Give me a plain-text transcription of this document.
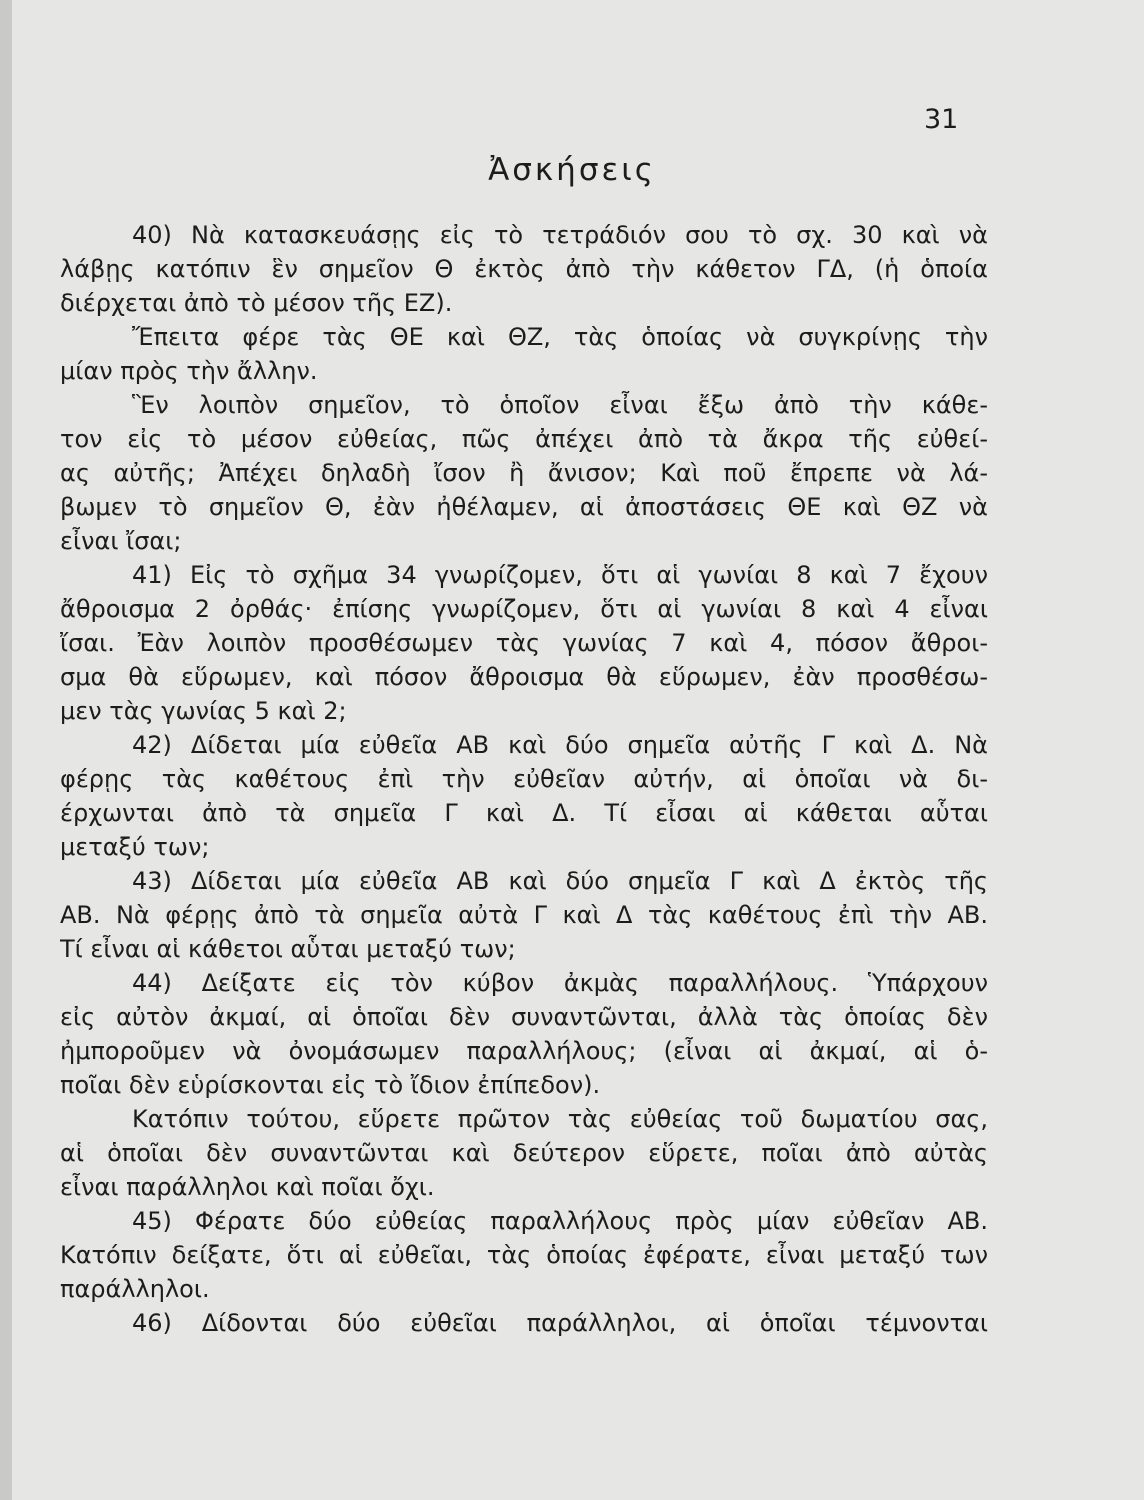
31
Ἀσκήσεις
40) Νὰ κατασκευάσῃς εἰς τὸ τετράδιόν σου τὸ σχ. 30 καὶ νὰ
λάβῃς κατόπιν ἓν σημεῖον Θ ἐκτὸς ἀπὸ τὴν κάθετον ΓΔ, (ἡ ὁποία
διέρχεται ἀπὸ τὸ μέσον τῆς ΕΖ).
Ἔπειτα φέρε τὰς ΘΕ καὶ ΘΖ, τὰς ὁποίας νὰ συγκρίνῃς τὴν
μίαν πρὸς τὴν ἄλλην.
Ἓν λοιπὸν σημεῖον, τὸ ὁποῖον εἶναι ἔξω ἀπὸ τὴν κάθε-
τον εἰς τὸ μέσον εὐθείας, πῶς ἀπέχει ἀπὸ τὰ ἄκρα τῆς εὐθεί-
ας αὐτῆς; Ἀπέχει δηλαδὴ ἴσον ἢ ἄνισον; Καὶ ποῦ ἔπρεπε νὰ λά-
βωμεν τὸ σημεῖον Θ, ἐὰν ἠθέλαμεν, αἱ ἀποστάσεις ΘΕ καὶ ΘΖ νὰ
εἶναι ἴσαι;
41) Εἰς τὸ σχῆμα 34 γνωρίζομεν, ὅτι αἱ γωνίαι 8 καὶ 7 ἔχουν
ἄθροισμα 2 ὀρθάς· ἐπίσης γνωρίζομεν, ὅτι αἱ γωνίαι 8 καὶ 4 εἶναι
ἴσαι. Ἐὰν λοιπὸν προσθέσωμεν τὰς γωνίας 7 καὶ 4, πόσον ἄθροι-
σμα θὰ εὕρωμεν, καὶ πόσον ἄθροισμα θὰ εὕρωμεν, ἐὰν προσθέσω-
μεν τὰς γωνίας 5 καὶ 2;
42) Δίδεται μία εὐθεῖα ΑΒ καὶ δύο σημεῖα αὐτῆς Γ καὶ Δ. Νὰ
φέρῃς τὰς καθέτους ἐπὶ τὴν εὐθεῖαν αὐτήν, αἱ ὁποῖαι νὰ δι-
έρχωνται ἀπὸ τὰ σημεῖα Γ καὶ Δ. Τί εἶσαι αἱ κάθεται αὗται
μεταξύ των;
43) Δίδεται μία εὐθεῖα ΑΒ καὶ δύο σημεῖα Γ καὶ Δ ἐκτὸς τῆς
ΑΒ. Νὰ φέρῃς ἀπὸ τὰ σημεῖα αὐτὰ Γ καὶ Δ τὰς καθέτους ἐπὶ τὴν ΑΒ.
Τί εἶναι αἱ κάθετοι αὗται μεταξύ των;
44) Δείξατε εἰς τὸν κύβον ἀκμὰς παραλλήλους. Ὑπάρχουν
εἰς αὐτὸν ἀκμαί, αἱ ὁποῖαι δὲν συναντῶνται, ἀλλὰ τὰς ὁποίας δὲν
ἠμποροῦμεν νὰ ὀνομάσωμεν παραλλήλους; (εἶναι αἱ ἀκμαί, αἱ ὁ-
ποῖαι δὲν εὑρίσκονται εἰς τὸ ἴδιον ἐπίπεδον).
Κατόπιν τούτου, εὕρετε πρῶτον τὰς εὐθείας τοῦ δωματίου σας,
αἱ ὁποῖαι δὲν συναντῶνται καὶ δεύτερον εὕρετε, ποῖαι ἀπὸ αὐτὰς
εἶναι παράλληλοι καὶ ποῖαι ὄχι.
45) Φέρατε δύο εὐθείας παραλλήλους πρὸς μίαν εὐθεῖαν ΑΒ.
Κατόπιν δείξατε, ὅτι αἱ εὐθεῖαι, τὰς ὁποίας ἐφέρατε, εἶναι μεταξύ των
παράλληλοι.
46) Δίδονται δύο εὐθεῖαι παράλληλοι, αἱ ὁποῖαι τέμνονται
